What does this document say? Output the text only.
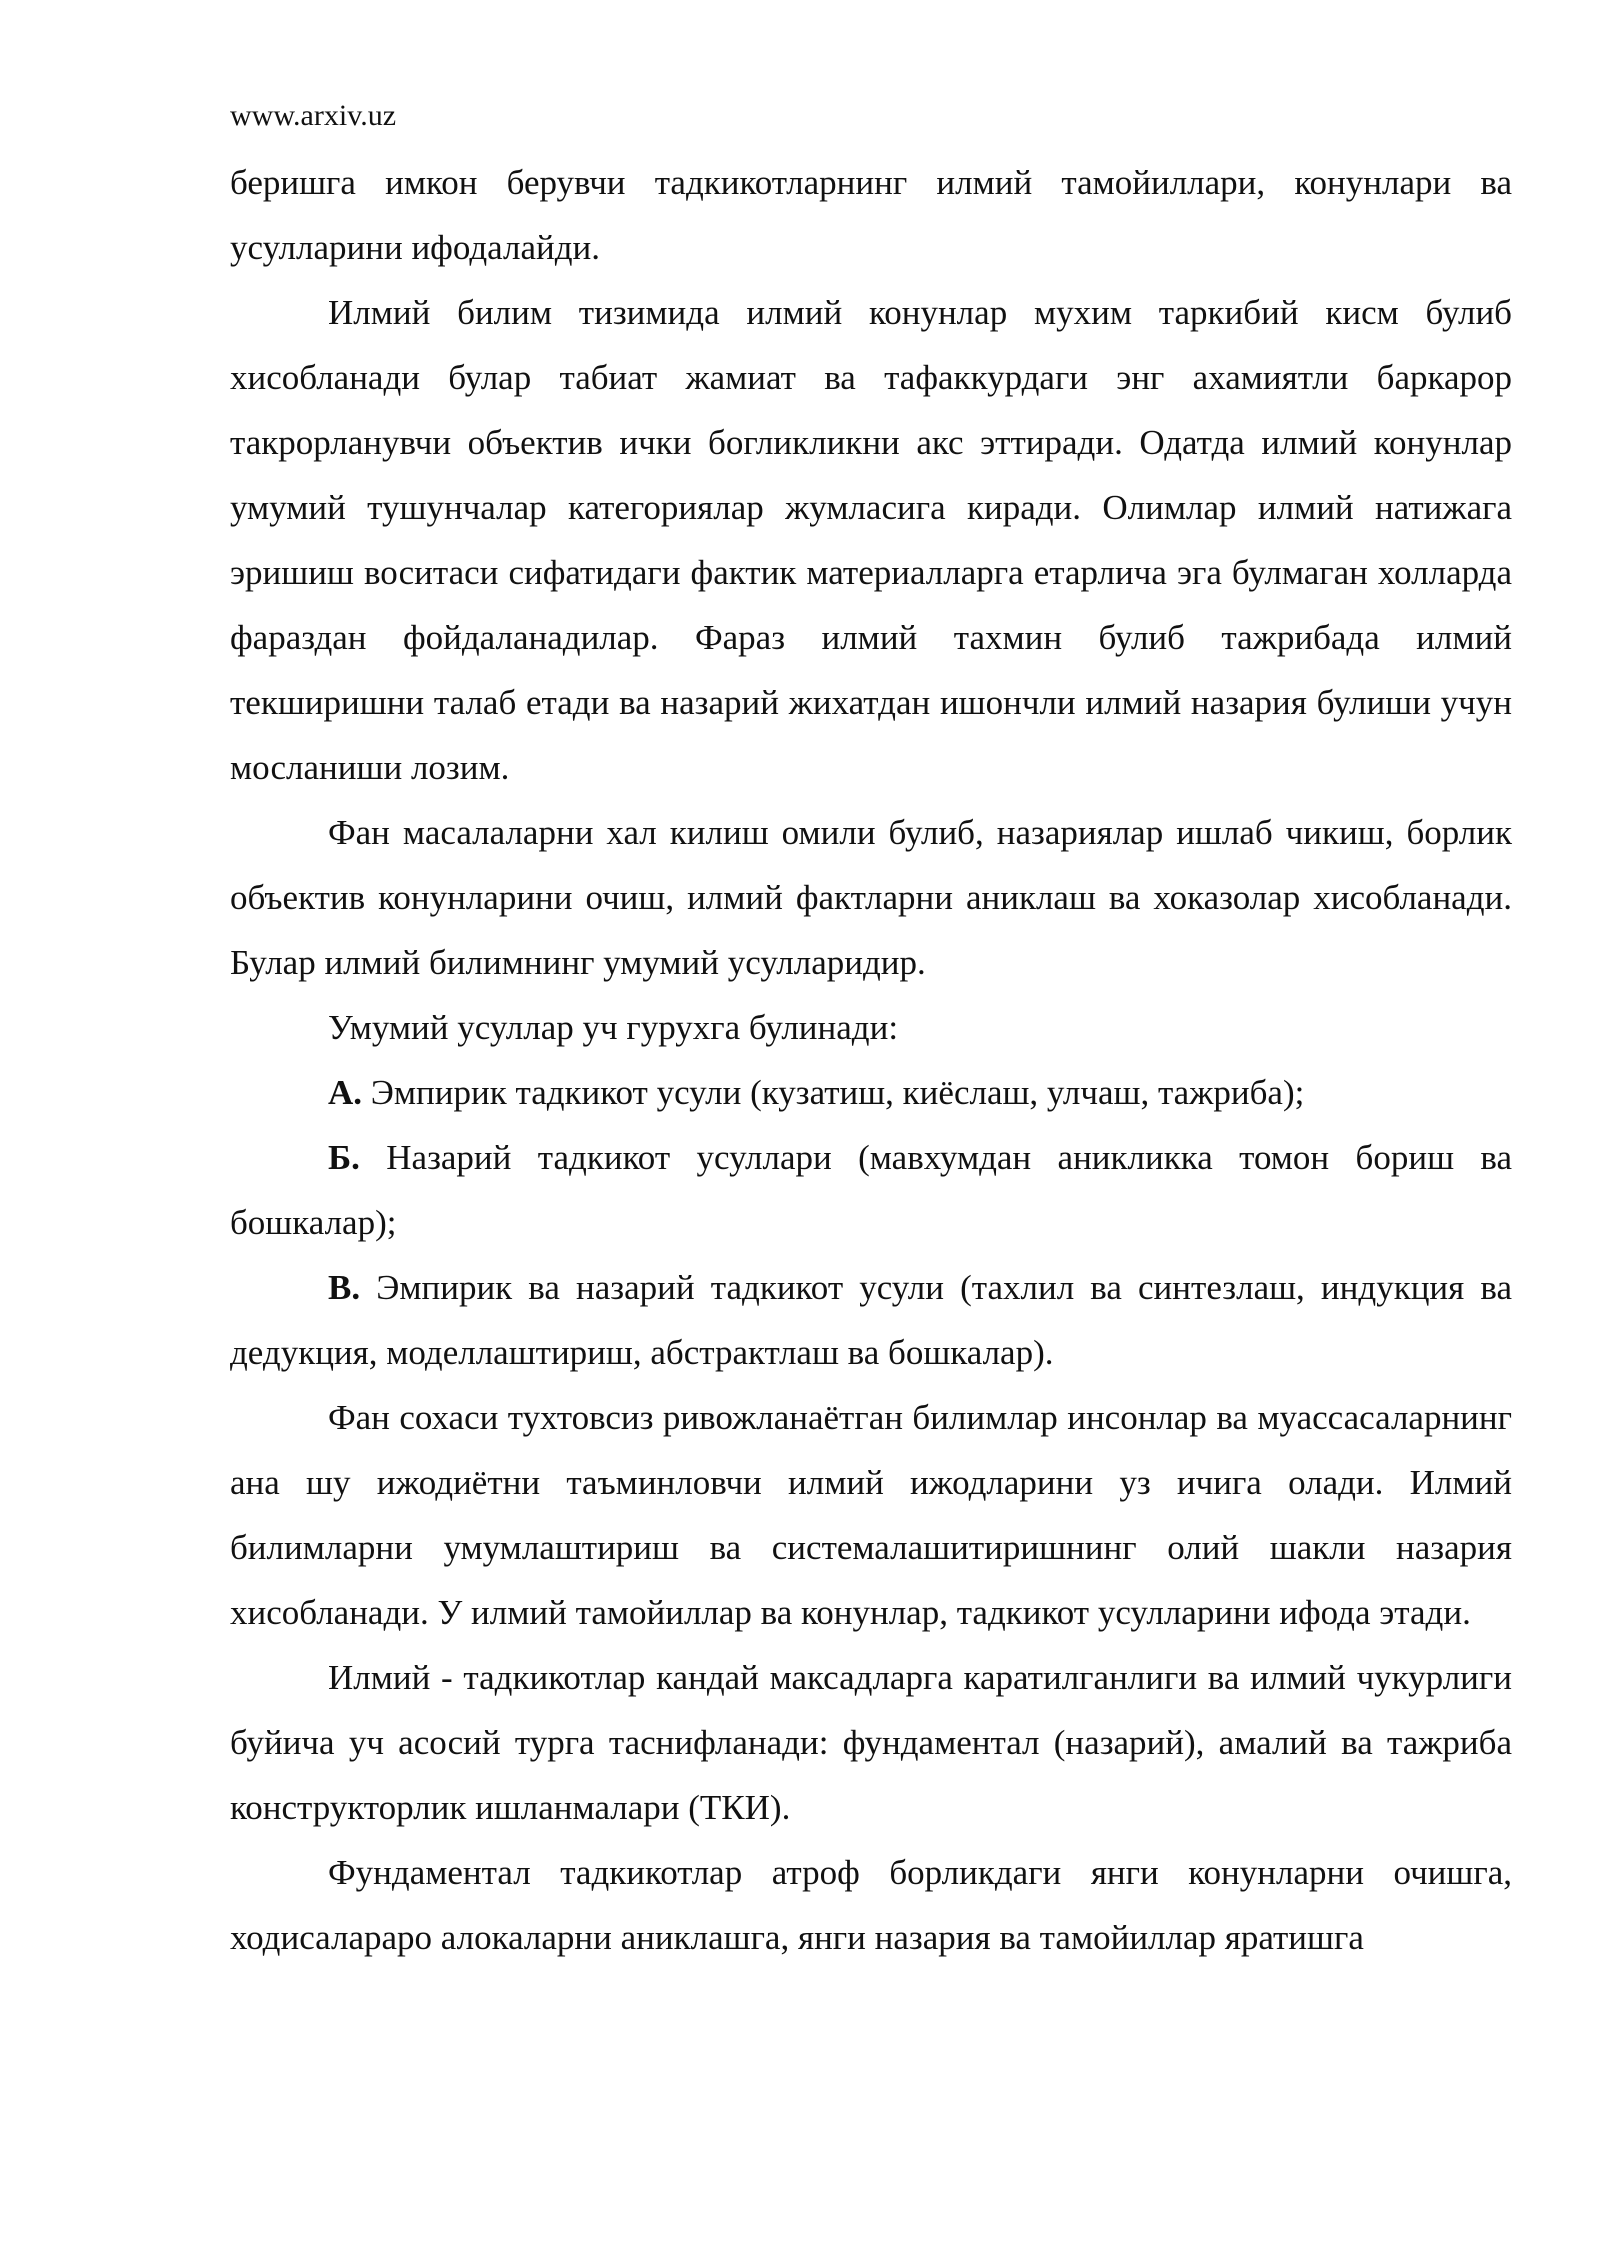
www.arxiv.uz

беришга имкон берувчи тадкикотларнинг илмий тамойиллари, конунлари ва усулларини ифодалайди.

Илмий билим тизимида илмий конунлар мухим таркибий кисм булиб хисобланади булар табиат жамиат ва тафаккурдаги энг ахамиятли баркарор такрорланувчи объектив ички богликликни акс эттиради. Одатда илмий конунлар умумий тушунчалар категориялар жумласига киради. Олимлар илмий натижага эришиш воситаси сифатидаги фактик материалларга етарлича эга булмаган холларда фараздан фойдаланадилар. Фараз илмий тахмин булиб тажрибада илмий текширишни талаб етади ва назарий жихатдан ишончли илмий назария булиши учун мосланиши лозим.

Фан масалаларни хал килиш омили булиб, назариялар ишлаб чикиш, борлик объектив конунларини очиш, илмий фактларни аниклаш ва хоказолар хисобланади. Булар илмий билимнинг умумий усулларидир.

Умумий усуллар уч гурухга булинади:

А. Эмпирик тадкикот усули (кузатиш, киёслаш, улчаш, тажриба);

Б. Назарий тадкикот усуллари (мавхумдан аникликка томон бориш ва бошкалар);

В. Эмпирик ва назарий тадкикот усули (тахлил ва синтезлаш, индукция ва дедукция, моделлаштириш, абстрактлаш ва бошкалар).

Фан сохаси тухтовсиз ривожланаётган билимлар инсонлар ва муассасаларнинг ана шу ижодиётни таъминловчи илмий ижодларини уз ичига олади. Илмий билимларни умумлаштириш ва системалашитиришнинг олий шакли назария хисобланади. У илмий тамойиллар ва конунлар, тадкикот усулларини ифода этади.

Илмий - тадкикотлар кандай максадларга каратилганлиги ва илмий чукурлиги буйича уч асосий турга таснифланади: фундаментал (назарий), амалий ва тажриба конструкторлик ишланмалари (ТКИ).

Фундаментал тадкикотлар атроф борликдаги янги конунларни очишга, ходисалараро алокаларни аниклашга, янги назария ва тамойиллар яратишга
